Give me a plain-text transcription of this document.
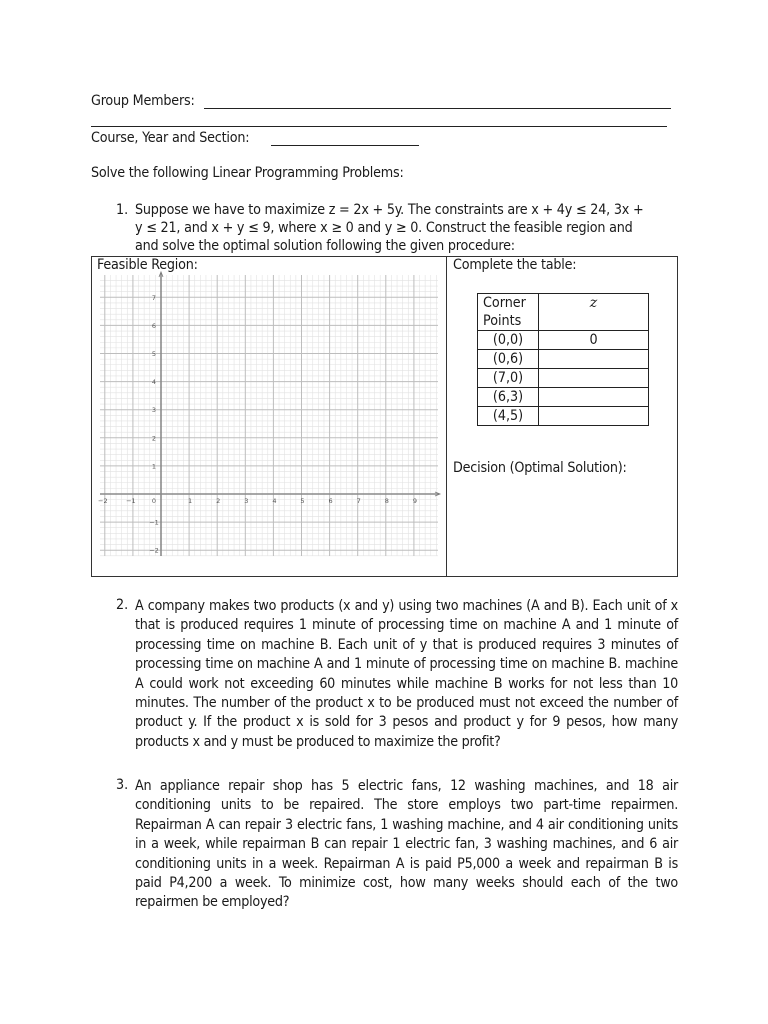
Group Members:
Course, Year and Section:
Solve the following Linear Programming Problems:
1. Suppose we have to maximize z = 2x + 5y. The constraints are x + 4y ≤ 24, 3x +
y ≤ 21, and x + y ≤ 9, where x ≥ 0 and y ≥ 0. Construct the feasible region and
and solve the optimal solution following the given procedure:
Feasible Region:	Complete the table:
−2	−1 0	1	2	3	4	5	6	7	8	9
7
6
5
4
3
2
1
−1
−2
Corner Points	z
(0,0)	0
(0,6)	
(7,0)	
(6,3)	
(4,5)	
Decision (Optimal Solution):
2. A company makes two products (x and y) using two machines (A and B). Each unit of x that is produced requires 1 minute of processing time on machine A and 1 minute of processing time on machine B. Each unit of y that is produced requires 3 minutes of processing time on machine A and 1 minute of processing time on machine B. machine A could work not exceeding 60 minutes while machine B works for not less than 10 minutes. The number of the product x to be produced must not exceed the number of product y. If the product x is sold for 3 pesos and product y for 9 pesos, how many products x and y must be produced to maximize the profit?
3. An appliance repair shop has 5 electric fans, 12 washing machines, and 18 air conditioning units to be repaired. The store employs two part-time repairmen. Repairman A can repair 3 electric fans, 1 washing machine, and 4 air conditioning units in a week, while repairman B can repair 1 electric fan, 3 washing machines, and 6 air conditioning units in a week. Repairman A is paid P5,000 a week and repairman B is paid P4,200 a week. To minimize cost, how many weeks should each of the two repairmen be employed?
